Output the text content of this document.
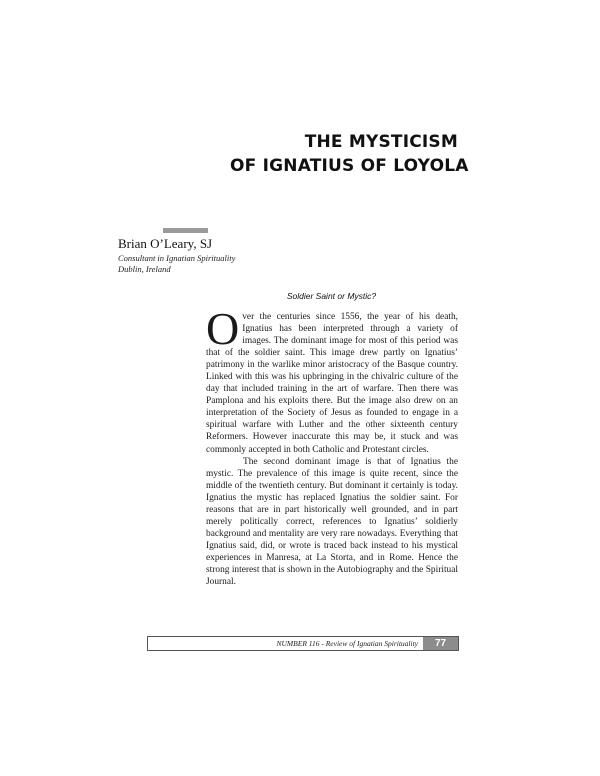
THE MYSTICISM
OF IGNATIUS OF LOYOLA
Brian O’Leary, SJ
Consultant in Ignatian Spirituality
Dublin, Ireland
Soldier Saint or Mystic?

Over the centuries since 1556, the year of his death, Ignatius has been interpreted through a variety of images. The dominant image for most of this period was that of the soldier saint. This image drew partly on Ignatius’ patrimony in the warlike minor aristocracy of the Basque country. Linked with this was his upbringing in the chivalric culture of the day that included training in the art of warfare. Then there was Pamplona and his exploits there. But the image also drew on an interpretation of the Society of Jesus as founded to engage in a spiritual warfare with Luther and the other sixteenth century Reformers. However inaccurate this may be, it stuck and was commonly accepted in both Catholic and Protestant circles.

The second dominant image is that of Ignatius the mystic. The prevalence of this image is quite recent, since the middle of the twentieth century. But dominant it certainly is today. Ignatius the mystic has replaced Ignatius the soldier saint. For reasons that are in part historically well grounded, and in part merely politically correct, references to Ignatius’ soldierly background and mentality are very rare nowadays. Everything that Ignatius said, did, or wrote is traced back instead to his mystical experiences in Manresa, at La Storta, and in Rome. Hence the strong interest that is shown in the Autobiography and the Spiritual Journal.

NUMBER 116 - Review of Ignatian Spirituality	77
